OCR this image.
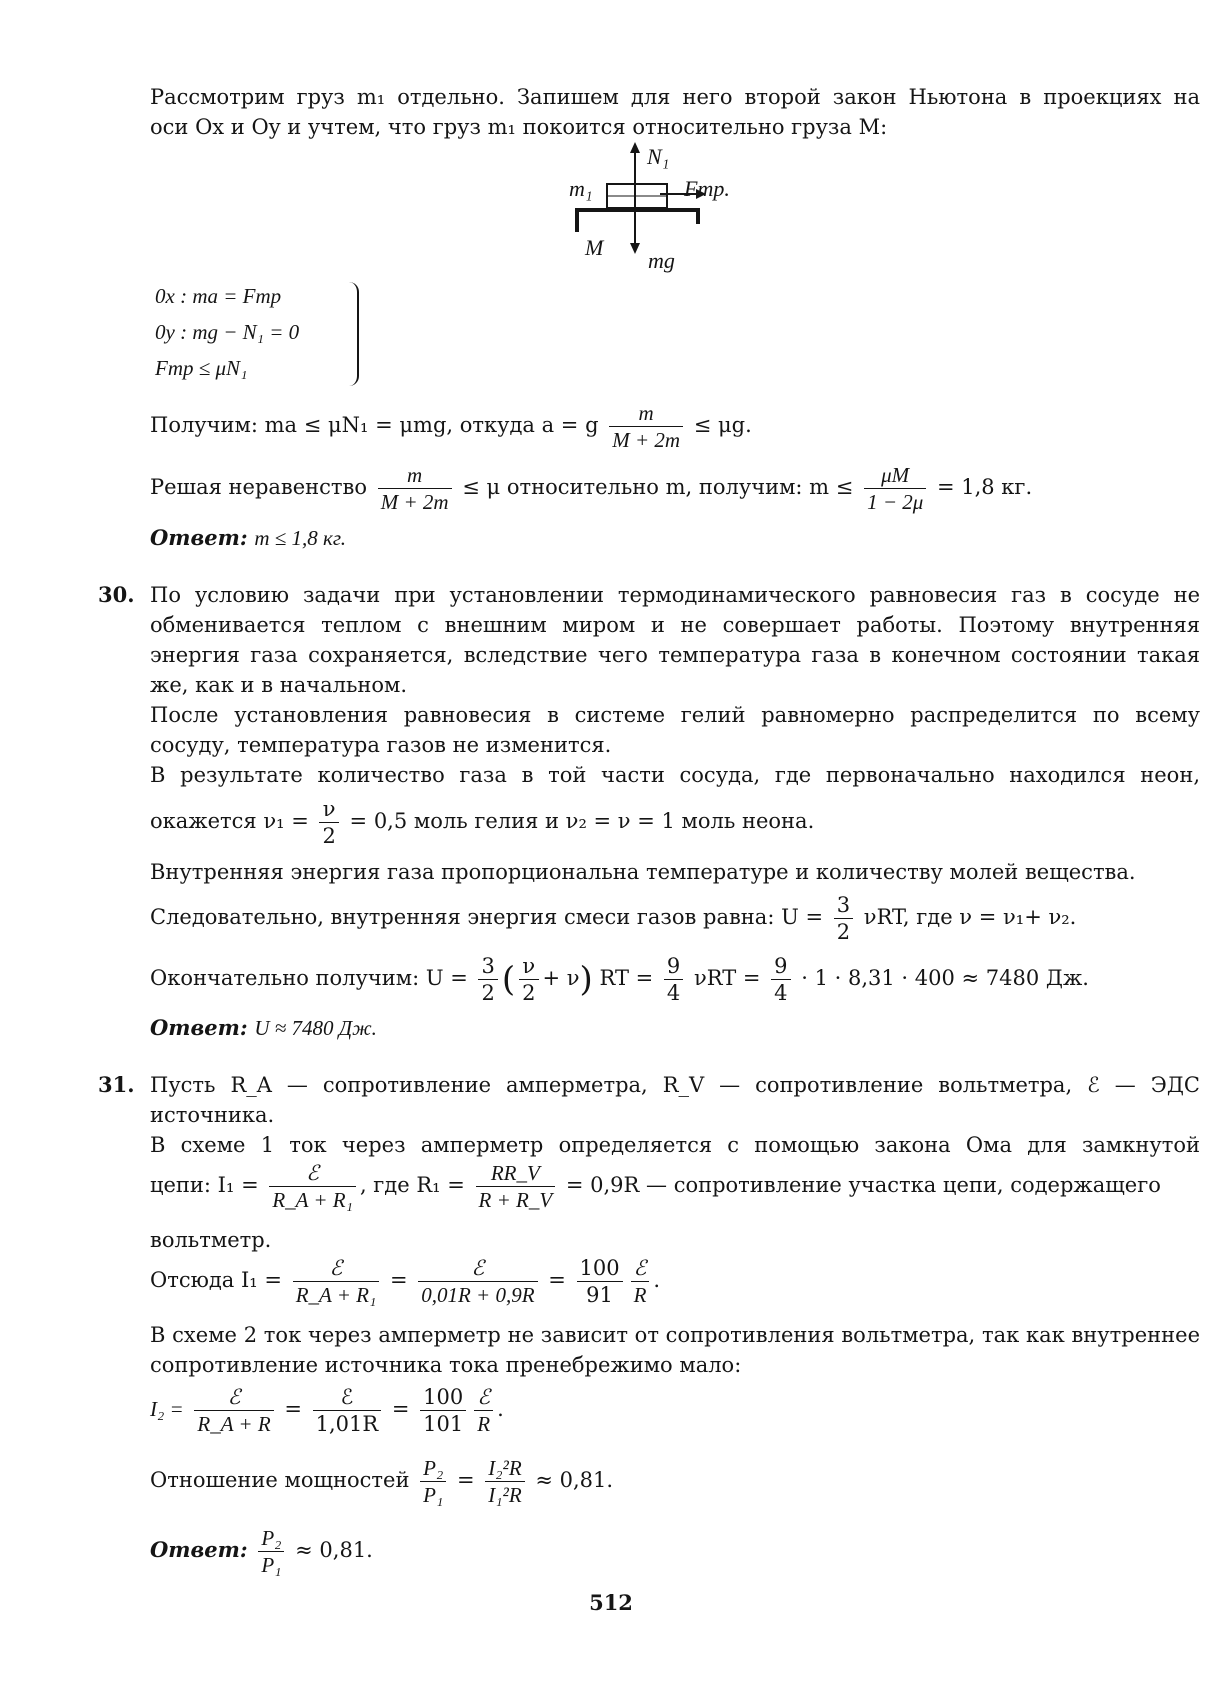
Рассмотрим груз m₁ отдельно. Запишем для него второй закон Ньютона в проекциях на
оси Ox и Oy и учтем, что груз m₁ покоится относительно груза M:
m₁
N₁
Fтр.
M
mg
0x : ma = Fтр
0y : mg − N₁ = 0
Fтр ≤ μN₁
Получим: ma ≤ μN₁ = μmg, откуда a = g $\frac{m}{M + 2m} \le \mu g$.
Решая неравенство $\frac{m}{M + 2m} \le \mu$ относительно m, получим: $m \le \frac{\mu M}{1 - 2\mu} = 1,8$ кг.
Ответ: m ≤ 1,8 кг.
30. По условию задачи при установлении термодинамического равновесия газ в сосуде не обменивается теплом с внешним миром и не совершает работы. Поэтому внутренняя энергия газа сохраняется, вследствие чего температура газа в конечном состоянии такая же, как и в начальном.
После установления равновесия в системе гелий равномерно распределится по всему сосуду, температура газов не изменится.
В результате количество газа в той части сосуда, где первоначально находился неон,
окажется $\nu_1 = \frac{\nu}{2} = 0,5$ моль гелия и ν₂ = ν = 1 моль неона.
Внутренняя энергия газа пропорциональна температуре и количеству молей вещества.
Следовательно, внутренняя энергия смеси газов равна: $U = \frac{3}{2} \nu RT$, где ν = ν₁+ ν₂.
Окончательно получим: $U = \frac{3}{2}$ ( $\frac{\nu}{2} + \nu$) RT = $\frac{9}{4}$ $\nu RT = \frac{9}{4} \cdot 1 \cdot 8,31 \cdot 400 \approx 7480$ Дж.
Ответ: U ≈ 7480 Дж.
31. Пусть R_A — сопротивление амперметра, R_V — сопротивление вольтметра, ℰ — ЭДС источника.
В схеме 1 ток через амперметр определяется с помощью закона Ома для замкнутой
цепи: $I_1 = \frac{\text{ℰ}}{\text{R\_A + R₁}}$ , где $R_1 = \frac{RR\_V}{R + R\_V} = 0,9R$ — сопротивление участка цепи, содержащего
вольтметр.
Отсюда $I_1 = \frac{\text{ℰ}}{\text{R\_A + R₁}} = \frac{\text{ℰ}}{0,01R + 0,9R} = \frac{100}{91} \frac{\text{ℰ}}{R}$ .
В схеме 2 ток через амперметр не зависит от сопротивления вольтметра, так как внутреннее сопротивление источника тока пренебрежимо мало:
$I_2 = \frac{\text{ℰ}}{R\_A + R} = \frac{\text{ℰ}}{1,01R} = \frac{100}{101} \frac{\text{ℰ}}{R}$ .
Отношение мощностей $\frac{\text{P₂}}{\text{P₁}} = \frac{\text{I₂²R}}{\text{I₁²R}} \approx 0,81$.
Ответ: $\frac{\text{P₂}}{\text{P₁}} \approx 0,81$.
512
